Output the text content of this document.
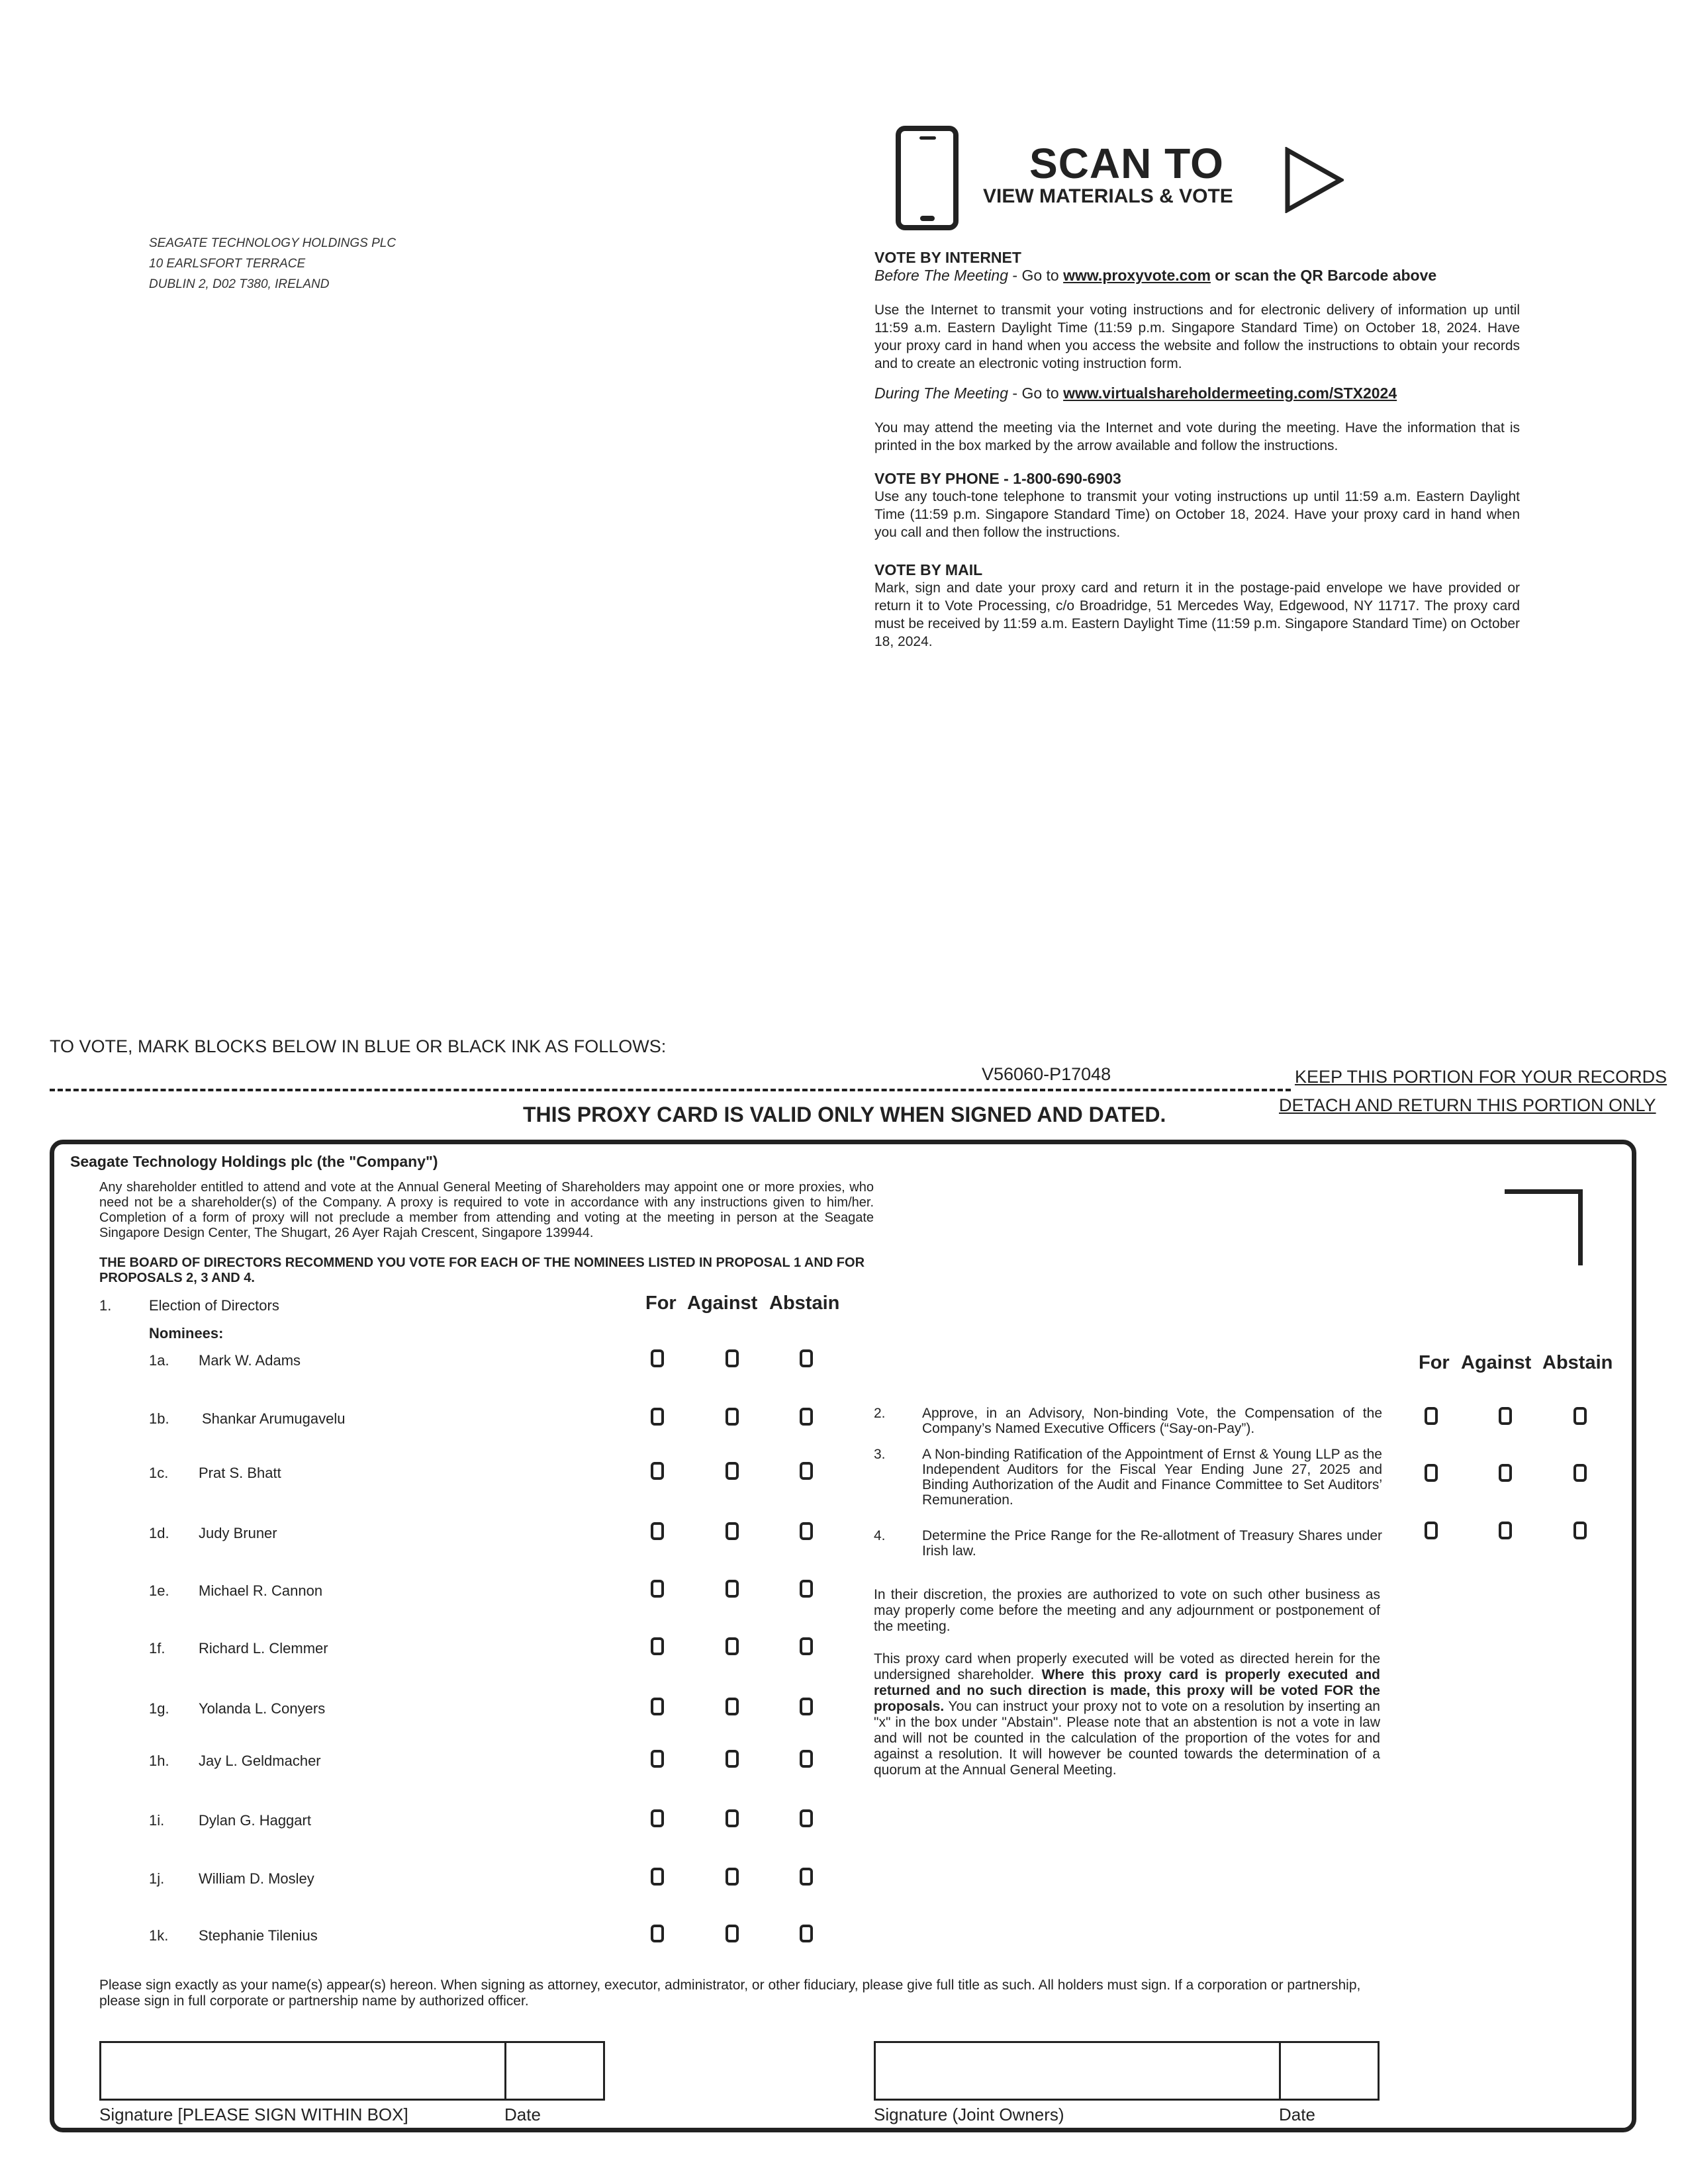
SEAGATE TECHNOLOGY HOLDINGS PLC
10 EARLSFORT TERRACE
DUBLIN 2, D02 T380, IRELAND
SCAN TO
VIEW MATERIALS & VOTE
VOTE BY INTERNET
Before The Meeting - Go to www.proxyvote.com or scan the QR Barcode above
Use the Internet to transmit your voting instructions and for electronic delivery of information up until 11:59 a.m. Eastern Daylight Time (11:59 p.m. Singapore Standard Time) on October 18, 2024. Have your proxy card in hand when you access the website and follow the instructions to obtain your records and to create an electronic voting instruction form.
During The Meeting - Go to www.virtualshareholdermeeting.com/STX2024
You may attend the meeting via the Internet and vote during the meeting. Have the information that is printed in the box marked by the arrow available and follow the instructions.
VOTE BY PHONE - 1-800-690-6903
Use any touch-tone telephone to transmit your voting instructions up until 11:59 a.m. Eastern Daylight Time (11:59 p.m. Singapore Standard Time) on October 18, 2024. Have your proxy card in hand when you call and then follow the instructions.
VOTE BY MAIL
Mark, sign and date your proxy card and return it in the postage-paid envelope we have provided or return it to Vote Processing, c/o Broadridge, 51 Mercedes Way, Edgewood, NY 11717. The proxy card must be received by 11:59 a.m. Eastern Daylight Time (11:59 p.m. Singapore Standard Time) on October 18, 2024.
TO VOTE, MARK BLOCKS BELOW IN BLUE OR BLACK INK AS FOLLOWS:
V56060-P17048	KEEP THIS PORTION FOR YOUR RECORDS
DETACH AND RETURN THIS PORTION ONLY
THIS PROXY CARD IS VALID ONLY WHEN SIGNED AND DATED.
Seagate Technology Holdings plc (the "Company")
Any shareholder entitled to attend and vote at the Annual General Meeting of Shareholders may appoint one or more proxies, who need not be a shareholder(s) of the Company. A proxy is required to vote in accordance with any instructions given to him/her. Completion of a form of proxy will not preclude a member from attending and voting at the meeting in person at the Seagate Singapore Design Center, The Shugart, 26 Ayer Rajah Crescent, Singapore 139944.
THE BOARD OF DIRECTORS RECOMMEND YOU VOTE FOR EACH OF THE NOMINEES LISTED IN PROPOSAL 1 AND FOR PROPOSALS 2, 3 AND 4.
1.	Election of Directors	For Against Abstain
Nominees:
1a. Mark W. Adams
1b. Shankar Arumugavelu
1c. Prat S. Bhatt
1d. Judy Bruner
1e. Michael R. Cannon
1f. Richard L. Clemmer
1g. Yolanda L. Conyers
1h. Jay L. Geldmacher
1i. Dylan G. Haggart
1j. William D. Mosley
1k. Stephanie Tilenius
For Against Abstain
2.	Approve, in an Advisory, Non-binding Vote, the Compensation of the Company’s Named Executive Officers (“Say-on-Pay”).
3.	A Non-binding Ratification of the Appointment of Ernst & Young LLP as the Independent Auditors for the Fiscal Year Ending June 27, 2025 and Binding Authorization of the Audit and Finance Committee to Set Auditors’ Remuneration.
4.	Determine the Price Range for the Re-allotment of Treasury Shares under Irish law.
In their discretion, the proxies are authorized to vote on such other business as may properly come before the meeting and any adjournment or postponement of the meeting.
This proxy card when properly executed will be voted as directed herein for the undersigned shareholder. Where this proxy card is properly executed and returned and no such direction is made, this proxy will be voted FOR the proposals. You can instruct your proxy not to vote on a resolution by inserting an "x" in the box under "Abstain". Please note that an abstention is not a vote in law and will not be counted in the calculation of the proportion of the votes for and against a resolution. It will however be counted towards the determination of a quorum at the Annual General Meeting.
Please sign exactly as your name(s) appear(s) hereon. When signing as attorney, executor, administrator, or other fiduciary, please give full title as such. All holders must sign. If a corporation or partnership, please sign in full corporate or partnership name by authorized officer.
Signature [PLEASE SIGN WITHIN BOX]	Date	Signature (Joint Owners)	Date
